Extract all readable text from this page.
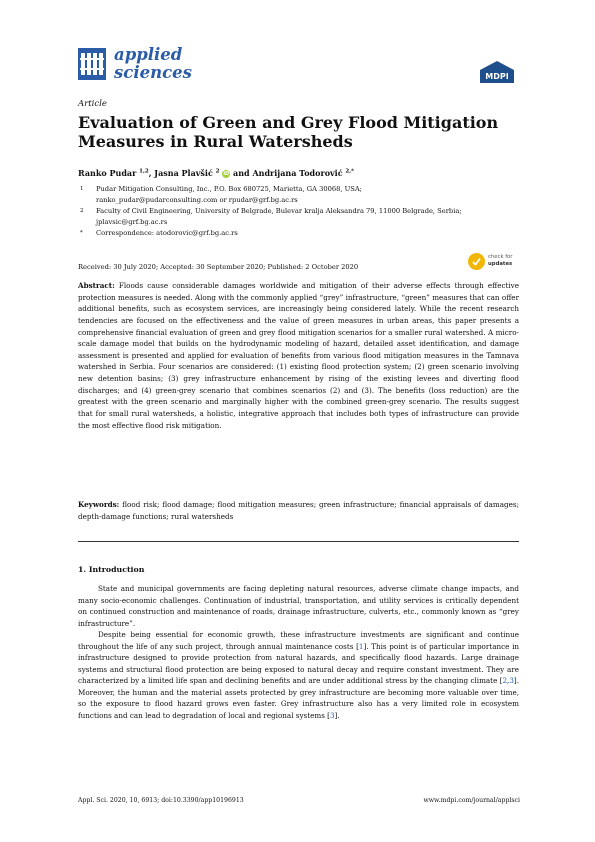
applied
sciences	MDPI
Article
Evaluation of Green and Grey Flood Mitigation Measures in Rural Watersheds
Ranko Pudar $^{1,2}$, Jasna Plavšić $^2$ iD and Andrijana Todorović $^{2,*}$
1	Pudar Mitigation Consulting, Inc., P.O. Box 680725, Marietta, GA 30068, USA;
ranko_pudar@pudarconsulting.com or rpudar@grf.bg.ac.rs
2	Faculty of Civil Engineering, University of Belgrade, Bulevar kralja Aleksandra 79, 11000 Belgrade, Serbia;
jplavsic@grf.bg.ac.rs
*	Correspondence: atodorovic@grf.bg.ac.rs
Received: 30 July 2020; Accepted: 30 September 2020; Published: 2 October 2020
check for
updates
Abstract: Floods cause considerable damages worldwide and mitigation of their adverse effects through effective protection measures is needed. Along with the commonly applied “grey” infrastructure, “green” measures that can offer additional benefits, such as ecosystem services, are increasingly being considered lately. While the recent research tendencies are focused on the effectiveness and the value of green measures in urban areas, this paper presents a comprehensive financial evaluation of green and grey flood mitigation scenarios for a smaller rural watershed. A micro-scale damage model that builds on the hydrodynamic modeling of hazard, detailed asset identification, and damage assessment is presented and applied for evaluation of benefits from various flood mitigation measures in the Tamnava watershed in Serbia. Four scenarios are considered: (1) existing flood protection system; (2) green scenario involving new detention basins; (3) grey infrastructure enhancement by rising of the existing levees and diverting flood discharges; and (4) green-grey scenario that combines scenarios (2) and (3). The benefits (loss reduction) are the greatest with the green scenario and marginally higher with the combined green-grey scenario. The results suggest that for small rural watersheds, a holistic, integrative approach that includes both types of infrastructure can provide the most effective flood risk mitigation.
Keywords: flood risk; flood damage; flood mitigation measures; green infrastructure; financial appraisals of damages; depth-damage functions; rural watersheds
1. Introduction

State and municipal governments are facing depleting natural resources, adverse climate change impacts, and many socio-economic challenges. Continuation of industrial, transportation, and utility services is critically dependent on continued construction and maintenance of roads, drainage infrastructure, culverts, etc., commonly known as “grey infrastructure”.

Despite being essential for economic growth, these infrastructure investments are significant and continue throughout the life of any such project, through annual maintenance costs [1]. This point is of particular importance in infrastructure designed to provide protection from natural hazards, and specifically flood hazards. Large drainage systems and structural flood protection are being exposed to natural decay and require constant investment. They are characterized by a limited life span and declining benefits and are under additional stress by the changing climate [2,3]. Moreover, the human and the material assets protected by grey infrastructure are becoming more valuable over time, so the exposure to flood hazard grows even faster. Grey infrastructure also has a very limited role in ecosystem functions and can lead to degradation of local and regional systems [3].

Appl. Sci. 2020, 10, 6913; doi:10.3390/app10196913	www.mdpi.com/journal/applsci
